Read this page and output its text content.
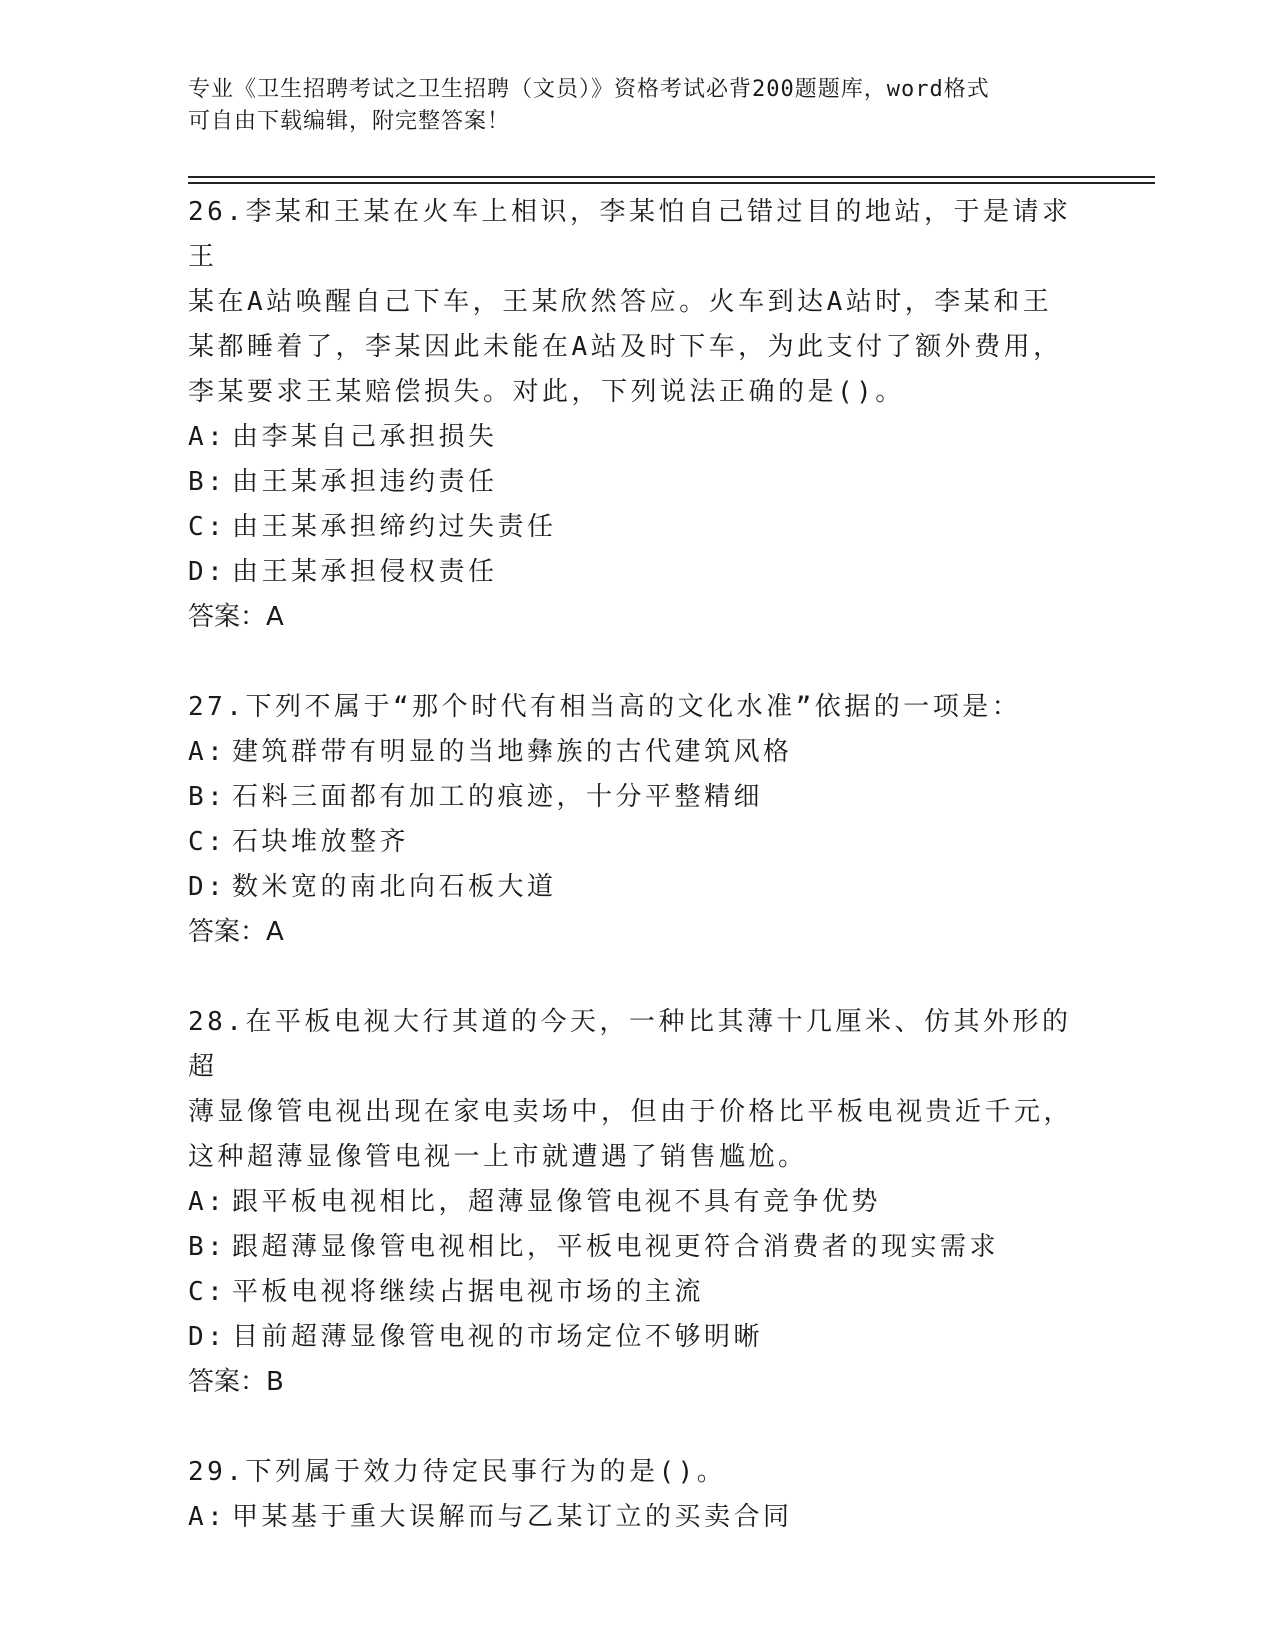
专业《卫生招聘考试之卫生招聘（文员）》资格考试必背200题题库，word格式
可自由下载编辑，附完整答案！
26.李某和王某在火车上相识，李某怕自己错过目的地站，于是请求王
某在A站唤醒自己下车，王某欣然答应。火车到达A站时，李某和王
某都睡着了，李某因此未能在A站及时下车，为此支付了额外费用，
李某要求王某赔偿损失。对此，下列说法正确的是()。
A: 由李某自己承担损失
B: 由王某承担违约责任
C: 由王某承担缔约过失责任
D: 由王某承担侵权责任
答案：A
27.下列不属于“那个时代有相当高的文化水准”依据的一项是：
A: 建筑群带有明显的当地彝族的古代建筑风格
B: 石料三面都有加工的痕迹，十分平整精细
C: 石块堆放整齐
D: 数米宽的南北向石板大道
答案：A
28.在平板电视大行其道的今天，一种比其薄十几厘米、仿其外形的超
薄显像管电视出现在家电卖场中，但由于价格比平板电视贵近千元，
这种超薄显像管电视一上市就遭遇了销售尴尬。
A: 跟平板电视相比，超薄显像管电视不具有竞争优势
B: 跟超薄显像管电视相比，平板电视更符合消费者的现实需求
C: 平板电视将继续占据电视市场的主流
D: 目前超薄显像管电视的市场定位不够明晰
答案：B
29.下列属于效力待定民事行为的是()。
A: 甲某基于重大误解而与乙某订立的买卖合同
